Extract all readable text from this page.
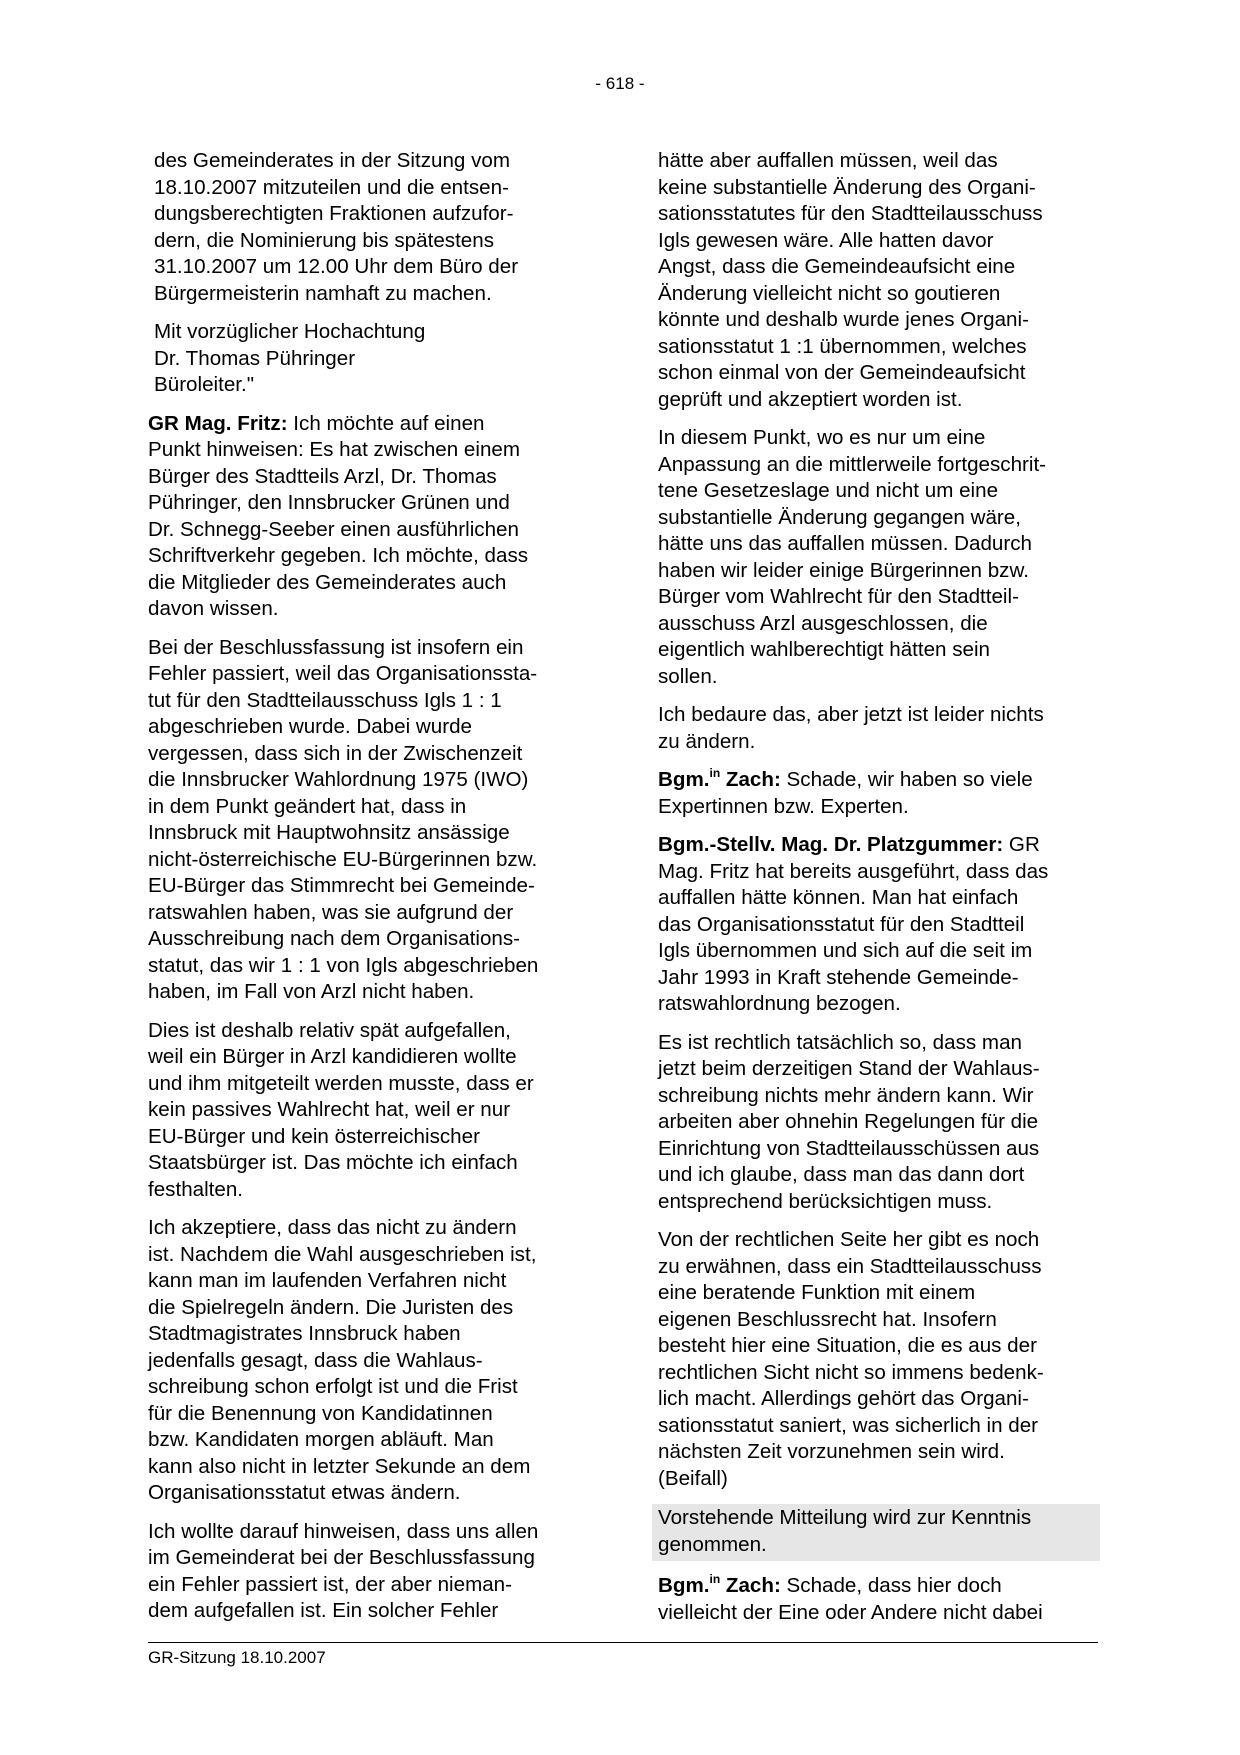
- 618 -
des Gemeinderates in der Sitzung vom
18.10.2007 mitzuteilen und die entsen-
dungsberechtigten Fraktionen aufzufor-
dern, die Nominierung bis spätestens
31.10.2007 um 12.00 Uhr dem Büro der
Bürgermeisterin namhaft zu machen.
Mit vorzüglicher Hochachtung
Dr. Thomas Pühringer
Büroleiter."
GR Mag. Fritz: Ich möchte auf einen
Punkt hinweisen: Es hat zwischen einem
Bürger des Stadtteils Arzl, Dr. Thomas
Pühringer, den Innsbrucker Grünen und
Dr. Schnegg-Seeber einen ausführlichen
Schriftverkehr gegeben. Ich möchte, dass
die Mitglieder des Gemeinderates auch
davon wissen.
Bei der Beschlussfassung ist insofern ein
Fehler passiert, weil das Organisationssta-
tut für den Stadtteilausschuss Igls 1 : 1
abgeschrieben wurde. Dabei wurde
vergessen, dass sich in der Zwischenzeit
die Innsbrucker Wahlordnung 1975 (IWO)
in dem Punkt geändert hat, dass in
Innsbruck mit Hauptwohnsitz ansässige
nicht-österreichische EU-Bürgerinnen bzw.
EU-Bürger das Stimmrecht bei Gemeinde-
ratswahlen haben, was sie aufgrund der
Ausschreibung nach dem Organisations-
statut, das wir 1 : 1 von Igls abgeschrieben
haben, im Fall von Arzl nicht haben.
Dies ist deshalb relativ spät aufgefallen,
weil ein Bürger in Arzl kandidieren wollte
und ihm mitgeteilt werden musste, dass er
kein passives Wahlrecht hat, weil er nur
EU-Bürger und kein österreichischer
Staatsbürger ist. Das möchte ich einfach
festhalten.
Ich akzeptiere, dass das nicht zu ändern
ist. Nachdem die Wahl ausgeschrieben ist,
kann man im laufenden Verfahren nicht
die Spielregeln ändern. Die Juristen des
Stadtmagistrates Innsbruck haben
jedenfalls gesagt, dass die Wahlaus-
schreibung schon erfolgt ist und die Frist
für die Benennung von Kandidatinnen
bzw. Kandidaten morgen abläuft. Man
kann also nicht in letzter Sekunde an dem
Organisationsstatut etwas ändern.
Ich wollte darauf hinweisen, dass uns allen
im Gemeinderat bei der Beschlussfassung
ein Fehler passiert ist, der aber nieman-
dem aufgefallen ist. Ein solcher Fehler
hätte aber auffallen müssen, weil das
keine substantielle Änderung des Organi-
sationsstatutes für den Stadtteilausschuss
Igls gewesen wäre. Alle hatten davor
Angst, dass die Gemeindeaufsicht eine
Änderung vielleicht nicht so goutieren
könnte und deshalb wurde jenes Organi-
sationsstatut 1 :1 übernommen, welches
schon einmal von der Gemeindeaufsicht
geprüft und akzeptiert worden ist.
In diesem Punkt, wo es nur um eine
Anpassung an die mittlerweile fortgeschrit-
tene Gesetzeslage und nicht um eine
substantielle Änderung gegangen wäre,
hätte uns das auffallen müssen. Dadurch
haben wir leider einige Bürgerinnen bzw.
Bürger vom Wahlrecht für den Stadtteil-
ausschuss Arzl ausgeschlossen, die
eigentlich wahlberechtigt hätten sein
sollen.
Ich bedaure das, aber jetzt ist leider nichts
zu ändern.
Bgm.$^{in}$ Zach: Schade, wir haben so viele
Expertinnen bzw. Experten.
Bgm.-Stellv. Mag. Dr. Platzgummer: GR
Mag. Fritz hat bereits ausgeführt, dass das
auffallen hätte können. Man hat einfach
das Organisationsstatut für den Stadtteil
Igls übernommen und sich auf die seit im
Jahr 1993 in Kraft stehende Gemeinde-
ratswahlordnung bezogen.
Es ist rechtlich tatsächlich so, dass man
jetzt beim derzeitigen Stand der Wahlaus-
schreibung nichts mehr ändern kann. Wir
arbeiten aber ohnehin Regelungen für die
Einrichtung von Stadtteilausschüssen aus
und ich glaube, dass man das dann dort
entsprechend berücksichtigen muss.
Von der rechtlichen Seite her gibt es noch
zu erwähnen, dass ein Stadtteilausschuss
eine beratende Funktion mit einem
eigenen Beschlussrecht hat. Insofern
besteht hier eine Situation, die es aus der
rechtlichen Sicht nicht so immens bedenk-
lich macht. Allerdings gehört das Organi-
sationsstatut saniert, was sicherlich in der
nächsten Zeit vorzunehmen sein wird.
(Beifall)
Vorstehende Mitteilung wird zur Kenntnis
genommen.
Bgm.$^{in}$ Zach: Schade, dass hier doch
vielleicht der Eine oder Andere nicht dabei
GR-Sitzung 18.10.2007
